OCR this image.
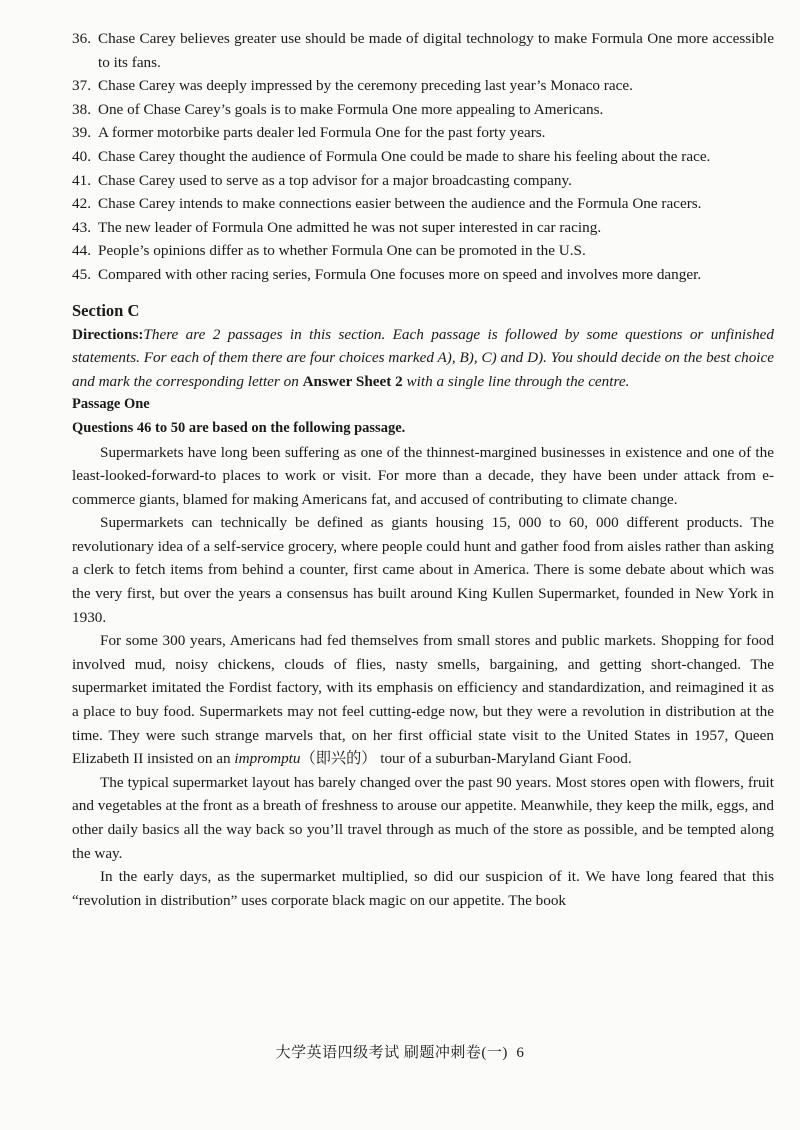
36. Chase Carey believes greater use should be made of digital technology to make Formula One more accessible to its fans.
37. Chase Carey was deeply impressed by the ceremony preceding last year’s Monaco race.
38. One of Chase Carey’s goals is to make Formula One more appealing to Americans.
39. A former motorbike parts dealer led Formula One for the past forty years.
40. Chase Carey thought the audience of Formula One could be made to share his feeling about the race.
41. Chase Carey used to serve as a top advisor for a major broadcasting company.
42. Chase Carey intends to make connections easier between the audience and the Formula One racers.
43. The new leader of Formula One admitted he was not super interested in car racing.
44. People’s opinions differ as to whether Formula One can be promoted in the U.S.
45. Compared with other racing series, Formula One focuses more on speed and involves more danger.
Section C
Directions:There are 2 passages in this section. Each passage is followed by some questions or unfinished statements. For each of them there are four choices marked A), B), C) and D). You should decide on the best choice and mark the corresponding letter on Answer Sheet 2 with a single line through the centre.
Passage One
Questions 46 to 50 are based on the following passage.
Supermarkets have long been suffering as one of the thinnest-margined businesses in existence and one of the least-looked-forward-to places to work or visit. For more than a decade, they have been under attack from e-commerce giants, blamed for making Americans fat, and accused of contributing to climate change.
Supermarkets can technically be defined as giants housing 15, 000 to 60, 000 different products. The revolutionary idea of a self-service grocery, where people could hunt and gather food from aisles rather than asking a clerk to fetch items from behind a counter, first came about in America. There is some debate about which was the very first, but over the years a consensus has built around King Kullen Supermarket, founded in New York in 1930.
For some 300 years, Americans had fed themselves from small stores and public markets. Shopping for food involved mud, noisy chickens, clouds of flies, nasty smells, bargaining, and getting short-changed. The supermarket imitated the Fordist factory, with its emphasis on efficiency and standardization, and reimagined it as a place to buy food. Supermarkets may not feel cutting-edge now, but they were a revolution in distribution at the time. They were such strange marvels that, on her first official state visit to the United States in 1957, Queen Elizabeth II insisted on an impromptu（即兴的） tour of a suburban-Maryland Giant Food.
The typical supermarket layout has barely changed over the past 90 years. Most stores open with flowers, fruit and vegetables at the front as a breath of freshness to arouse our appetite. Meanwhile, they keep the milk, eggs, and other daily basics all the way back so you’ll travel through as much of the store as possible, and be tempted along the way.
In the early days, as the supermarket multiplied, so did our suspicion of it. We have long feared that this “revolution in distribution” uses corporate black magic on our appetite. The book
大学英语四级考试 刷题冲刺卷(一) 6
